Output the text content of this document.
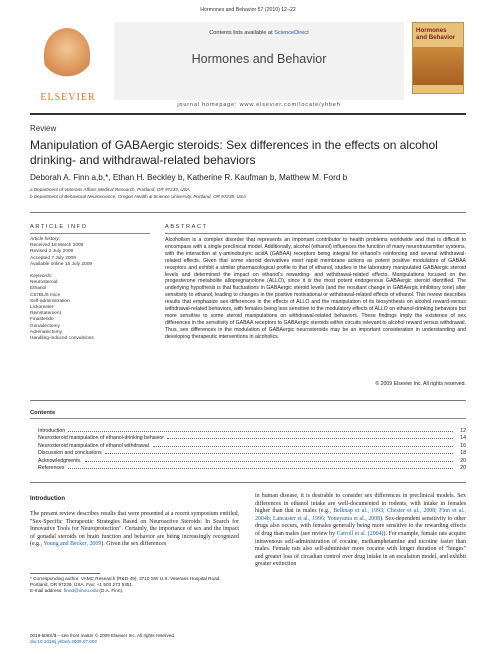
Hormones and Behavior 57 (2010) 12–22
ELSEVIER
Contents lists available at ScienceDirect
Hormones and Behavior
journal homepage: www.elsevier.com/locate/yhbeh
Hormones
and Behavior
Review
Manipulation of GABAergic steroids: Sex differences in the effects on alcohol drinking- and withdrawal-related behaviors
Deborah A. Finn a,b,*, Ethan H. Beckley b, Katherine R. Kaufman b, Matthew M. Ford b
a Department of Veterans Affairs Medical Research, Portland, OR 97239, USA
b Department of Behavioral Neuroscience, Oregon Health & Science University, Portland, OR 97239, USA
ARTICLE INFO	ABSTRACT
Article history:
Received 18 March 2009
Revised 2 July 2009
Accepted 7 July 2009
Available online 15 July 2009
Keywords:
Neurosteroid
Ethanol
C57BL/6 mice
Self-administration
Lickometer
Reinstatement
Finasteride
Gonadectomy
Adrenalectomy
Handling-induced convulsions
Alcoholism is a complex disorder that represents an important contributor to health problems worldwide and that is difficult to encompass with a single preclinical model. Additionally, alcohol (ethanol) influences the function of many neurotransmitter systems, with the interaction at γ-aminobutyric acidA (GABAA) receptors being integral for ethanol's reinforcing and several withdrawal-related effects. Given that some steroid derivatives exert rapid membrane actions as potent positive modulators of GABAA receptors and exhibit a similar pharmacological profile to that of ethanol, studies in the laboratory manipulated GABAergic steroid levels and determined the impact on ethanol's rewarding- and withdrawal-related effects. Manipulations focused on the progesterone metabolite allopregnanolone (ALLO), since it is the most potent endogenous GABAergic steroid identified. The underlying hypothesis is that fluctuations in GABAergic steroid levels (and the resultant change in GABAergic inhibitory tone) alter sensitivity to ethanol, leading to changes in the positive motivational or withdrawal-related effects of ethanol. This review describes results that emphasize sex differences in the effects of ALLO and the manipulation of its biosynthesis on alcohol reward-versus withdrawal-related behaviors, with females being less sensitive to the modulatory effects of ALLO on ethanol-drinking behaviors but more sensitive to some steroid manipulations on withdrawal-related behaviors. These findings imply the existence of sex differences in the sensitivity of GABAA receptors to GABAergic steroids within circuits relevant to alcohol reward versus withdrawal. Thus, sex differences in the modulation of GABAergic neurosteroids may be an important consideration in understanding and developing therapeutic interventions in alcoholics.
© 2009 Elsevier Inc. All rights reserved.
Contents
Introduction	12
Neurosteroid manipulation of ethanol-drinking behavior	14
Neurosteroid manipulation of ethanol withdrawal.	16
Discussion and conclusions	18
Acknowledgments.	20
References	20
Introduction
The present review describes results that were presented at a recent symposium entitled, "Sex-Specific Therapeutic Strategies Based on Neuroactive Steroids: In Search for Innovative Tools for Neuroprotection". Certainly, the importance of sex and the impact of gonadal steroids on brain function and behavior are being increasingly recognized (e.g., Young and Becker, 2009). Given the sex differences
* Corresponding author. VAMC Research (R&D-49), 3710 SW U.S. Veterans Hospital Road, Portland, OR 97239, USA. Fax: +1 503 273 5351.
E-mail address: finnd@ohsu.edu (D.A. Finn).
0018-506X/$ – see front matter © 2009 Elsevier Inc. All rights reserved.
doi:10.1016/j.yhbeh.2009.07.002
in human disease, it is desirable to consider sex differences in preclinical models. Sex differences in ethanol intake are well-documented in rodents, with intake in females higher than that in males (e.g., Belknap et al., 1993; Chester et al., 2008; Finn et al., 2004b; Lancaster et al., 1996; Yoneyama et al., 2008). Sex-dependent sensitivity to other drugs also occurs, with females generally being more sensitive to the rewarding effects of drug than males (see review by Carroll et al. (2004)). For example, female rats acquire intravenous self-administration of cocaine, methamphetamine and nicotine faster than males. Female rats also self-administer more cocaine with longer duration of "binges" and greater loss of circadian control over drug intake in an escalation model, and exhibit greater extinction
